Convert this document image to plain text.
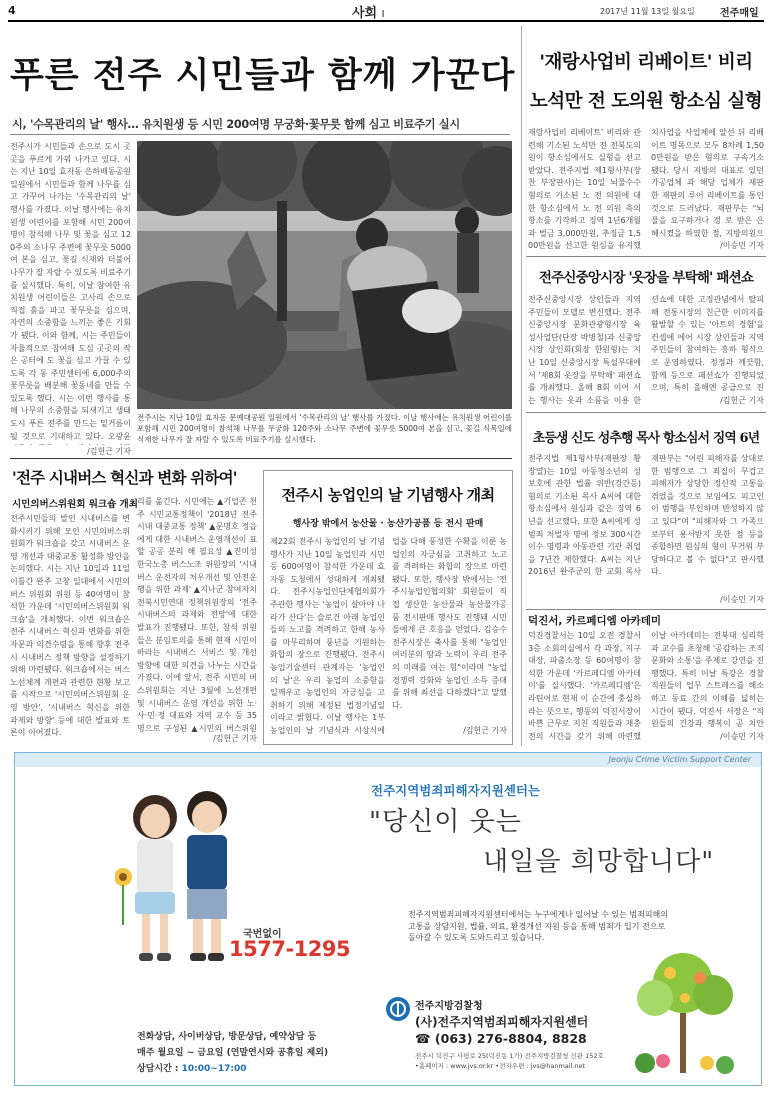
4	사회 I	2017년 11월 13일 월요일	전주매일
푸른 전주 시민들과 함께 가꾼다
시, '수목관리의 날' 행사… 유치원생 등 시민 200여명 무궁화·꽃무릇 함께 심고 비료주기 실시
전주시가 시민들과 손으로 도시 곳곳을 푸르게 가꿔 나가고 있다. 시는 지난 10일 효자동 은하배동공원 일원에서 시민들과 함께 나무를 심고 가꾸어 나가는 '수목관리의 날' 행사를 가졌다. 이날 행사에는 유치원생 어린이를 포함해 시민 200여명이 참석해 나무 및 꽃을 심고 120주의 소나무 주변에 꽃무릇 5000여 본을 심고, 꽃길 식재와 더불어 나무가 잘 자랄 수 있도록 비료주기를 실시했다. 특히, 이날 참여한 유치원생 어린이들은 고사리 손으로 직접 흙을 파고 꽃무릇을 심으며, 자연의 소중함을 느끼는 좋은 기회가 됐다. 이와 함께, 시는 주민들이 자율적으로 참여해 도심 곳곳의 작은 공터에 도 꽃을 심고 가꿀 수 있도록 각 동 주민센터에 6,000주의 꽃무릇을 배분해 꽃동네를 만들 수 있도록 했다. 시는 이번 행사를 통해 나무의 소중함을 되새기고 생태도시 푸른 전주를 만드는 밑거름이 될 것으로 기대하고 있다. 오광윤
/김헌근 기자
전주시는 지난 10일 효자동 문예대공원 일원에서 '수목관리의 날' 행사를 가졌다. 이날 행사에는 유치원생 어린이를 포함해 시민 200여명이 참석해 나무를 무궁화 120주와 소나무 주변에 꽃무릇 5000여 본을 심고, 꽃길 식목일에 식재한 나무가 잘 자랄 수 있도록 비료주기를 실시했다.
'재랑사업비 리베이트' 비리
노석만 전 도의원 항소심 실형
재랑사업비 리베이트' 비리와 관련해 기소된 노석만 전 전북도의원이 항소심에서도 실형을 선고받았다. 전주지법 제1형사부(장찬 부장판사)는 10일 뇌물수수 혐의로 기소된 노 전 의원에 대한 항소심에서 노 전 의원 측의 항소를 기각하고 징역 1년6개월과 벌금 3,000만원, 추징금 1,500만원을 선고한 원심을 유지했
치사업을 사업체에 알선 뒤 리베이트 명목으로 모두 8차례 1,500만원을 받은 혐의로 구속기소됐다. 당시 지방의 대표로 있던 가공업체 과 해당 업체가 재판 한 재판의 루어 리베이트를 통인 것으로 드러났다. 재판부는 "뇌물을 요구하거나 정 로 받은 은혜시켰을 하였한 점, 지방의원으
/이승민 기자
전주신중앙시장 '옷장을 부탁해' 패션쇼
전주신중앙시장 상인들과 지역주민들이 모델로 변신했다. 전주 신중앙시장 문화관광형시장 육성사업단(단장 박병철)과 신중앙시장 상인회(회장 한원형)는 지난 10일 신중앙시장 특설무대에서 '제8회 옷장을 부탁해' 패션쇼를 개최했다. 올해 8회 이어 서는 행사는 옷과 소품을 이용 한
션쇼에 대한 고정관념에서 탈피해 전통시장의 친근한 이미지를 활발할 수 있는 '아트의 경험'을 컨셉에 에어 시장 상인들과 지역주민들이 참여하는 흥하 형식으로 운영하였다. 정정과 깨끗함, 함께 등으로 패션쇼가 진행되었으며, 특히 올해엔 공급으로 진
/김헌근 기자
초등생 신도 성추행 목사 항소심서 징역 6년
전주지법 제1형사부(재판장 황 장열)는 10일 아동청소년의 성 보호에 관한 법률 위반(강간등) 혐의로 기소된 목사 A씨에 대한 항소심에서 원심과 같은 징역 6년을 선고했다. 또한 A씨에게 성범죄 처벌자 명예 정보 300시간 이수 명령과 아동관련 기관 취업을 7년간 제한했다. A씨는 지난 2016년 완주군의 한 교회 목사
재판부는 "어린 피해자를 상대로 한 범행으로 그 죄질이 무겁고 피해자가 상당한 정신적 고통을 겪었을 것으로 보임에도 피고인이 범행을 부인하며 반성하지 않고 있다"며 "피해자와 그 가족으로부터 용서받지 못한 점 등을 종합하면 원심의 형이 무거워 부당하다고 볼 수 없다"고 판시했다.
/이승민 기자
덕진서, 카르페디엠 아카데미
덕진경찰서는 10일 오전 경찰서 3층 소회의실에서 각 과장, 지구대장, 파출소장 등 60여명이 참석한 가운데 '카르페디엠 아카데미'를 실시했다. '카르페디엠'은 라틴어로 현재 이 순간에 충실하라는 뜻으로, 행동의 덕진서장이 바쁜 근무로 지친 직원들과 재충전의 시간을 갖기 위해 마련했
이날 아카데미는 전북대 심리학과 교수를 초청해 '공감하는 조직문화와 소통'을 주제로 강연을 진행했다. 특히 이날 특강은 경찰 직원들이 업무 스트레스를 해소하고 동료 간의 이해를 넓히는 시간이 됐다. 덕진서 서장은 "직원들의 건강과 행복이 곧 치안
/이승민 기자
'전주 시내버스 혁신과 변화 위하여'
시민의버스위원회 워크숍 개최
전주시민들의 발인 시내버스를 변화시키기 위해 모인 시민의버스위원회가 워크숍을 갖고 시내버스 운영 개선과 대중교통 활성화 방안을 논의했다. 시는 지난 10일과 11일 이틀간 완주 고창 일대에서 시민의버스 위원회 위원 등 40여명이 참석한 가운데 '시민의버스위원회 워크숍'을 개최했다. 이번 워크숍은 전주 시내버스 혁신과 변화를 위한 자문과 의견수렴을 통해 향후 전주시 시내버스 정책 방향을 설정하기 위해 마련됐다. 워크숍에서는 버스 노선체계 개편과 관련한 현황 보고를 시작으로 '시민의버스위원회 운영 방안', '시내버스 혁신을 위한 과제와 방향' 등에 대한 발표와 토론이 이어졌다.
리를 옮긴다. 시민에는 ▲기업존 천주 시민교통정책이 '2018년 전주시내 대중교통 정책' ▲문명호 정읍에게 대한 시내버스 운영개선이 표할 공공 분리 해 필요성 ▲진미성 한국노총 버스노조 위원장의 '시내버스 운전자의 처우개선 및 안전운행을 위한 과제' ▲지나군 참여자치전북시민연대 정책위원장의 '전주 시내버스의 과제와 전망'에 대한 발표가 진행됐다. 또한, 참석 위원들은 분임토의를 통해 현재 시민이 바라는 시내버스 서비스 및 개선 방향에 대한 의견을 나누는 시간을 가졌다. 이에 앞서, 전주 시민의 버스위원회는 지난 3월에 노선개편 및 시내버스 운영 개선을 위한 노·사·민·정 대표와 지역 교수 등 35명으로 구성된 ▲시민의 버스위원
/김헌근 기자
전주시 농업인의 날 기념행사 개최
행사장 밖에서 농산물 · 농산가공품 등 전시 판매
제22회 전주시 농업인의 날 기념행사가 지난 10일 농업인과 시민 등 600여명이 참석한 가운데 효자동 도청에서 성대하게 개최됐다. 전주시농업인단체협의회가 주관한 행사는 '농업이 살아야 나라가 산다'는 슬로건 아래 농업인들의 노고를 격려하고 한해 농사를 마무리하며 풍년을 기원하는 화합의 장으로 진행됐다. 전주시농업기술센터 관계자는 '농업인의 날'은 우리 농업의 소중함을 일깨우고 농업인의 자긍심을 고취하기 위해 제정된 법정기념일이라고 밝혔다. 이날 행사는 1부 농업인의 날 기념식과 시상식에
업을 다해 풍성한 수확을 이룬 농업인의 자긍심을 고취하고 노고를 격려하는 화합의 장으로 마련됐다. 또한, 행사장 밖에서는 '전주시농업인협의회' 회원들이 직접 생산한 농산물과 농산물가공품 전시판매 행사도 진행돼 시민들에게 큰 호응을 얻었다. 김승수 전주시장은 축사를 통해 "농업인 여러분의 땀과 노력이 우리 전주의 미래를 여는 힘"이라며 "농업 경쟁력 강화와 농업인 소득 증대를 위해 최선을 다하겠다"고 말했다.
/김헌근 기자
Jeonju Crime Victim Support Center
국번없이
1577-1295
전화상담, 사이버상담, 방문상담, 예약상담 등
매주 월요일 ~ 금요일 (연말연시와 공휴일 제외)
상담시간 : 10:00~17:00
전주지역범죄피해자지원센터는
"당신이 웃는
내일을 희망합니다"
전주지역범죄피해자지원센터에서는 누구에게나 일어날 수 있는 범죄피해의 고통을 상담지원, 법률, 의료, 환경개선 지원 등을 통해 범죄가 입기 전으로 돌아갈 수 있도록 도와드리고 있습니다.
전주지방검찰청
(사)전주지역범죄피해자지원센터
☎ (063) 276-8804, 8828
전주시 덕진구 사평로 25(덕진동 1가) 전주지방검찰청 신관 152호
•홈페이지 : www.jvs.or.kr •전자우편 : jvs@hanmail.net
